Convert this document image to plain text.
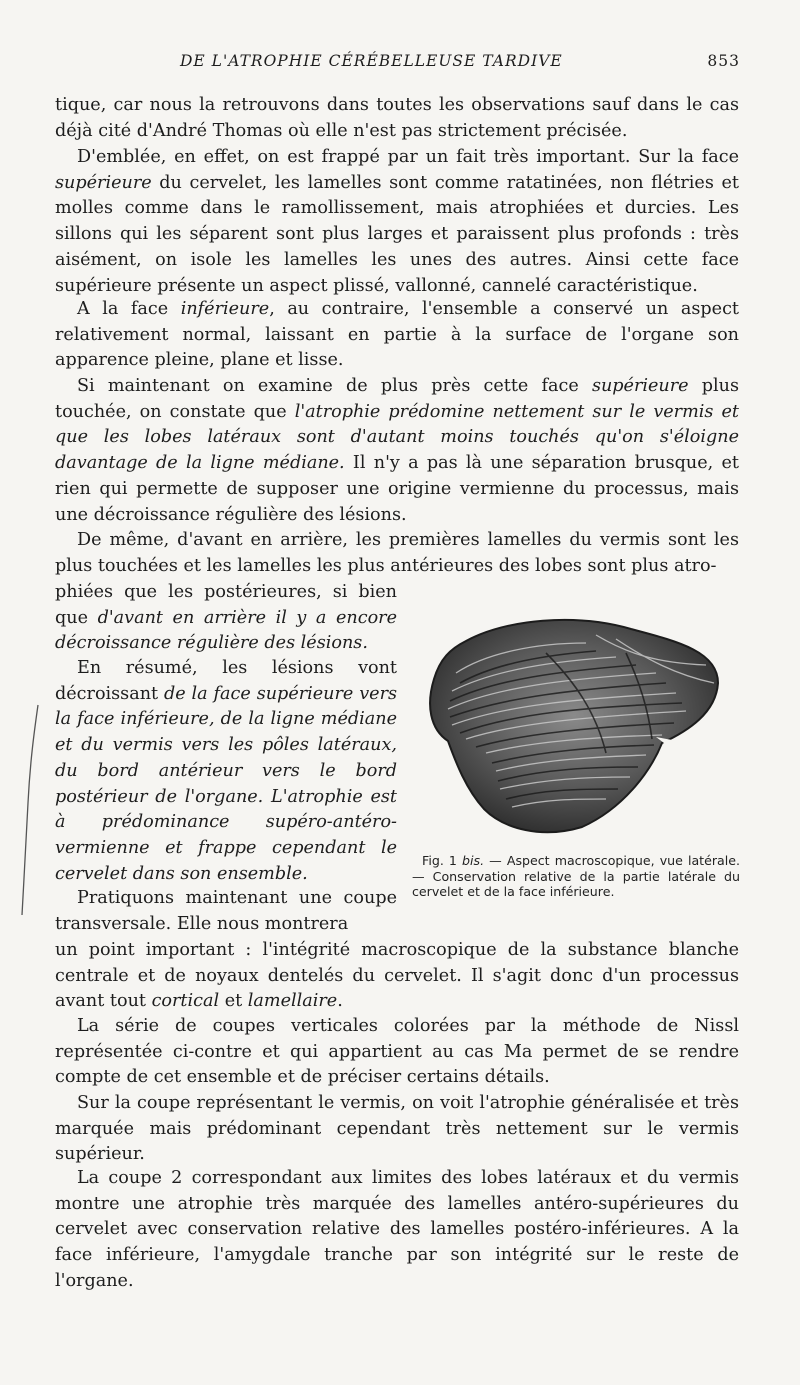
DE L'ATROPHIE CÉRÉBELLEUSE TARDIVE	853

tique, car nous la retrouvons dans toutes les observations sauf dans le cas déjà cité d'André Thomas où elle n'est pas strictement précisée.

D'emblée, en effet, on est frappé par un fait très important. Sur la face supérieure du cervelet, les lamelles sont comme ratatinées, non flétries et molles comme dans le ramollissement, mais atrophiées et durcies. Les sillons qui les séparent sont plus larges et paraissent plus profonds : très aisément, on isole les lamelles les unes des autres. Ainsi cette face supérieure présente un aspect plissé, vallonné, cannelé caractéristique.

A la face inférieure, au contraire, l'ensemble a conservé un aspect relativement normal, laissant en partie à la surface de l'organe son apparence pleine, plane et lisse.

Si maintenant on examine de plus près cette face supérieure plus touchée, on constate que l'atrophie prédomine nettement sur le vermis et que les lobes latéraux sont d'autant moins touchés qu'on s'éloigne davantage de la ligne médiane. Il n'y a pas là une séparation brusque, et rien qui permette de supposer une origine vermienne du processus, mais une décroissance régulière des lésions.

De même, d'avant en arrière, les premières lamelles du vermis sont les plus touchées et les lamelles les plus antérieures des lobes sont plus atro-

phiées que les postérieures, si bien que d'avant en arrière il y a encore décroissance régulière des lésions.

En résumé, les lésions vont décroissant de la face supérieure vers la face inférieure, de la ligne médiane et du vermis vers les pôles latéraux, du bord antérieur vers le bord postérieur de l'organe. L'atrophie est à prédominance supéro-antéro-vermienne et frappe cependant le cervelet dans son ensemble.

Pratiquons maintenant une coupe transversale. Elle nous montrera

un point important : l'intégrité macroscopique de la substance blanche centrale et de noyaux dentelés du cervelet. Il s'agit donc d'un processus avant tout cortical et lamellaire.

La série de coupes verticales colorées par la méthode de Nissl représentée ci-contre et qui appartient au cas Ma permet de se rendre compte de cet ensemble et de préciser certains détails.

Sur la coupe représentant le vermis, on voit l'atrophie généralisée et très marquée mais prédominant cependant très nettement sur le vermis supérieur.

La coupe 2 correspondant aux limites des lobes latéraux et du vermis montre une atrophie très marquée des lamelles antéro-supérieures du cervelet avec conservation relative des lamelles postéro-inférieures. A la face inférieure, l'amygdale tranche par son intégrité sur le reste de l'organe.

Fig. 1 bis. — Aspect macroscopique, vue latérale. — Conservation relative de la partie latérale du cervelet et de la face inférieure.
